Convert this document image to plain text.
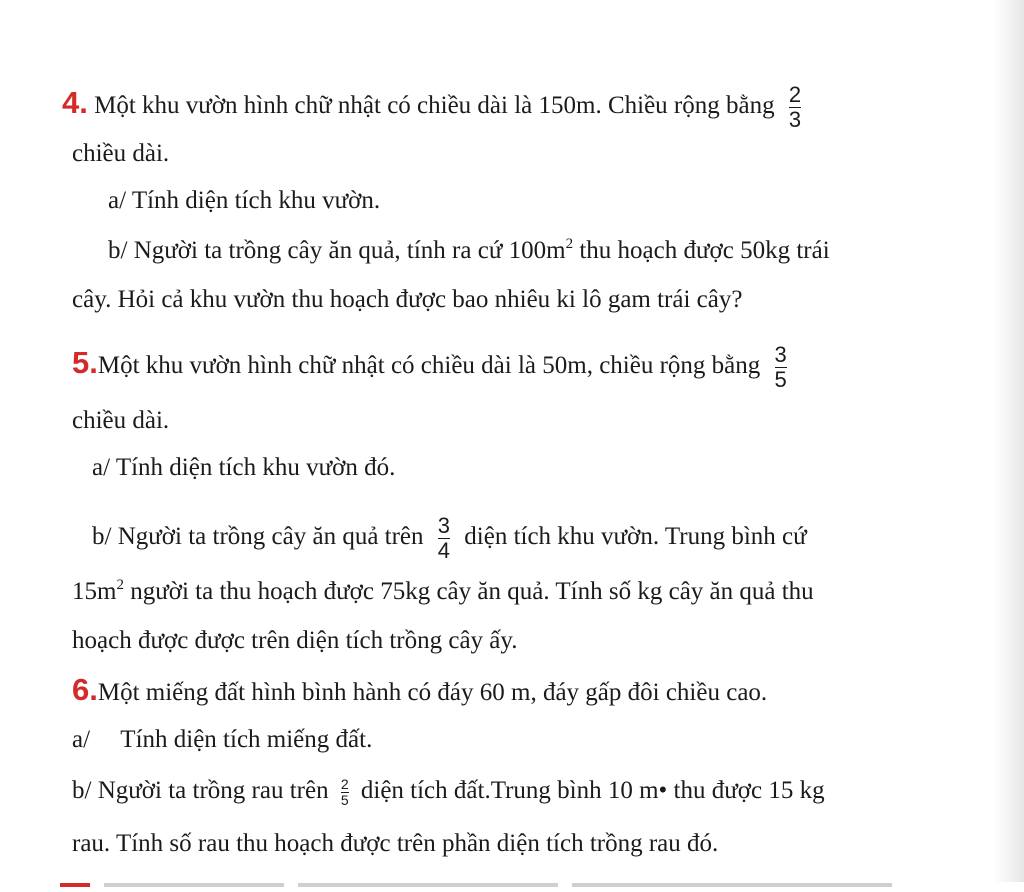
4. Một khu vườn hình chữ nhật có chiều dài là 150m. Chiều rộng bằng $\frac{2}{3}$
chiều dài.
a/ Tính diện tích khu vườn.
b/ Người ta trồng cây ăn quả, tính ra cứ $100m^2$ thu hoạch được 50kg trái
cây. Hỏi cả khu vườn thu hoạch được bao nhiêu ki lô gam trái cây?
5.Một khu vườn hình chữ nhật có chiều dài là 50m, chiều rộng bằng $\frac{3}{5}$
chiều dài.
a/ Tính diện tích khu vườn đó.
b/ Người ta trồng cây ăn quả trên $\frac{3}{4}$ diện tích khu vườn. Trung bình cứ
$15m^2$ người ta thu hoạch được 75kg cây ăn quả. Tính số kg cây ăn quả thu
hoạch được được trên diện tích trồng cây ấy.
6.Một miếng đất hình bình hành có đáy 60 m, đáy gấp đôi chiều cao.
a/ Tính diện tích miếng đất.
b/ Người ta trồng rau trên $\frac{2}{5}$ diện tích đất.Trung bình 10 m• thu được 15 kg
rau. Tính số rau thu hoạch được trên phần diện tích trồng rau đó.
